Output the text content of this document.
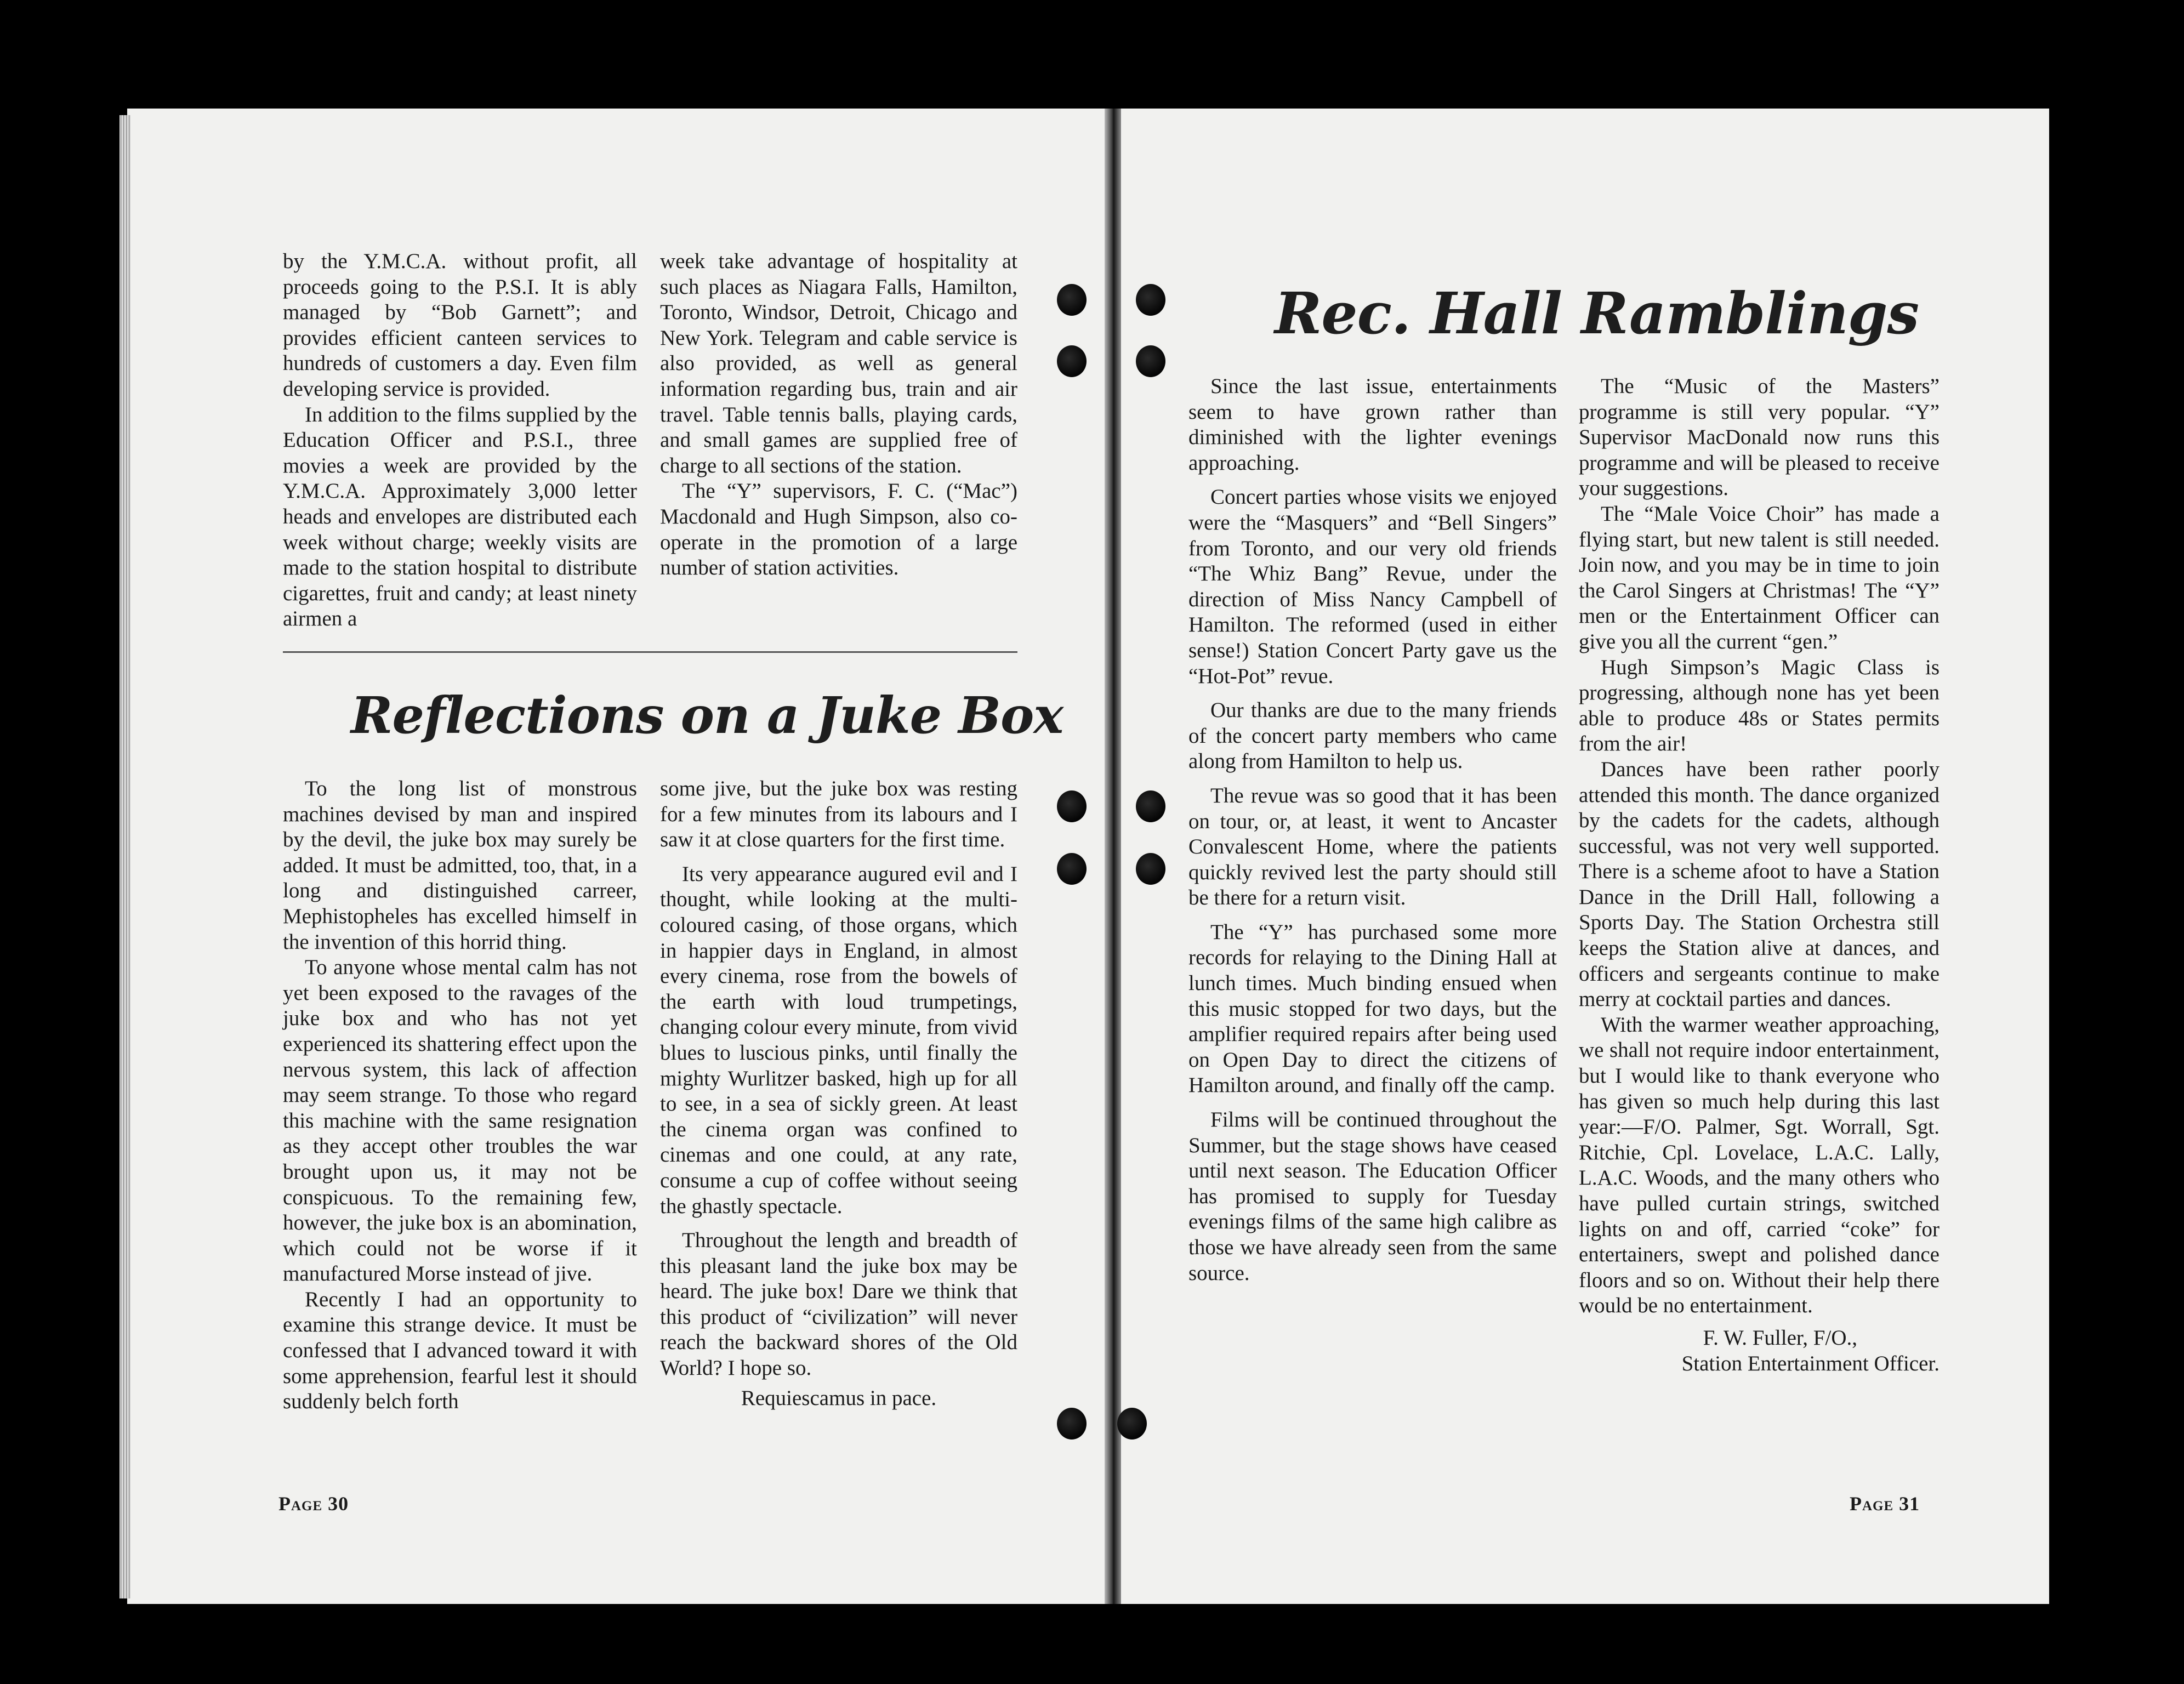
by the Y.M.C.A. without profit, all proceeds going to the P.S.I. It is ably managed by “Bob Garnett”; and provides efficient canteen services to hundreds of customers a day. Even film developing service is provided.

In addition to the films supplied by the Education Officer and P.S.I., three movies a week are provided by the Y.M.C.A. Approximately 3,000 letter heads and envelopes are distributed each week without charge; weekly visits are made to the station hospital to distribute cigarettes, fruit and candy; at least ninety airmen a

week take advantage of hospitality at such places as Niagara Falls, Hamilton, Toronto, Windsor, Detroit, Chicago and New York. Telegram and cable service is also provided, as well as general information regarding bus, train and air travel. Table tennis balls, playing cards, and small games are supplied free of charge to all sections of the station.

The “Y” supervisors, F. C. (“Mac”) Macdonald and Hugh Simpson, also co-operate in the promotion of a large number of station activities.

Reflections on a Juke Box

To the long list of monstrous machines devised by man and inspired by the devil, the juke box may surely be added. It must be admitted, too, that, in a long and distinguished carreer, Mephistopheles has excelled himself in the invention of this horrid thing.

To anyone whose mental calm has not yet been exposed to the ravages of the juke box and who has not yet experienced its shattering effect upon the nervous system, this lack of affection may seem strange. To those who regard this machine with the same resignation as they accept other troubles the war brought upon us, it may not be conspicuous. To the remaining few, however, the juke box is an abomination, which could not be worse if it manufactured Morse instead of jive.

Recently I had an opportunity to examine this strange device. It must be confessed that I advanced toward it with some apprehension, fearful lest it should suddenly belch forth

some jive, but the juke box was resting for a few minutes from its labours and I saw it at close quarters for the first time.

Its very appearance augured evil and I thought, while looking at the multi-coloured casing, of those organs, which in happier days in England, in almost every cinema, rose from the bowels of the earth with loud trumpetings, changing colour every minute, from vivid blues to luscious pinks, until finally the mighty Wurlitzer basked, high up for all to see, in a sea of sickly green. At least the cinema organ was confined to cinemas and one could, at any rate, consume a cup of coffee without seeing the ghastly spectacle.

Throughout the length and breadth of this pleasant land the juke box may be heard. The juke box! Dare we think that this product of “civilization” will never reach the backward shores of the Old World? I hope so.

Requiescamus in pace.

Page 30
Rec. Hall Ramblings

Since the last issue, entertainments seem to have grown rather than diminished with the lighter evenings approaching.

Concert parties whose visits we enjoyed were the “Masquers” and “Bell Singers” from Toronto, and our very old friends “The Whiz Bang” Revue, under the direction of Miss Nancy Campbell of Hamilton. The reformed (used in either sense!) Station Concert Party gave us the “Hot-Pot” revue.

Our thanks are due to the many friends of the concert party members who came along from Hamilton to help us.

The revue was so good that it has been on tour, or, at least, it went to Ancaster Convalescent Home, where the patients quickly revived lest the party should still be there for a return visit.

The “Y” has purchased some more records for relaying to the Dining Hall at lunch times. Much binding ensued when this music stopped for two days, but the amplifier required repairs after being used on Open Day to direct the citizens of Hamilton around, and finally off the camp.

Films will be continued throughout the Summer, but the stage shows have ceased until next season. The Education Officer has promised to supply for Tuesday evenings films of the same high calibre as those we have already seen from the same source.

The “Music of the Masters” programme is still very popular. “Y” Supervisor MacDonald now runs this programme and will be pleased to receive your suggestions.

The “Male Voice Choir” has made a flying start, but new talent is still needed. Join now, and you may be in time to join the Carol Singers at Christmas! The “Y” men or the Entertainment Officer can give you all the current “gen.”

Hugh Simpson’s Magic Class is progressing, although none has yet been able to produce 48s or States permits from the air!

Dances have been rather poorly attended this month. The dance organized by the cadets for the cadets, although successful, was not very well supported. There is a scheme afoot to have a Station Dance in the Drill Hall, following a Sports Day. The Station Orchestra still keeps the Station alive at dances, and officers and sergeants continue to make merry at cocktail parties and dances.

With the warmer weather approaching, we shall not require indoor entertainment, but I would like to thank everyone who has given so much help during this last year:—F/O. Palmer, Sgt. Worrall, Sgt. Ritchie, Cpl. Lovelace, L.A.C. Lally, L.A.C. Woods, and the many others who have pulled curtain strings, switched lights on and off, carried “coke” for entertainers, swept and polished dance floors and so on. Without their help there would be no entertainment.

F. W. Fuller, F/O.,

Station Entertainment Officer.

Page 31
